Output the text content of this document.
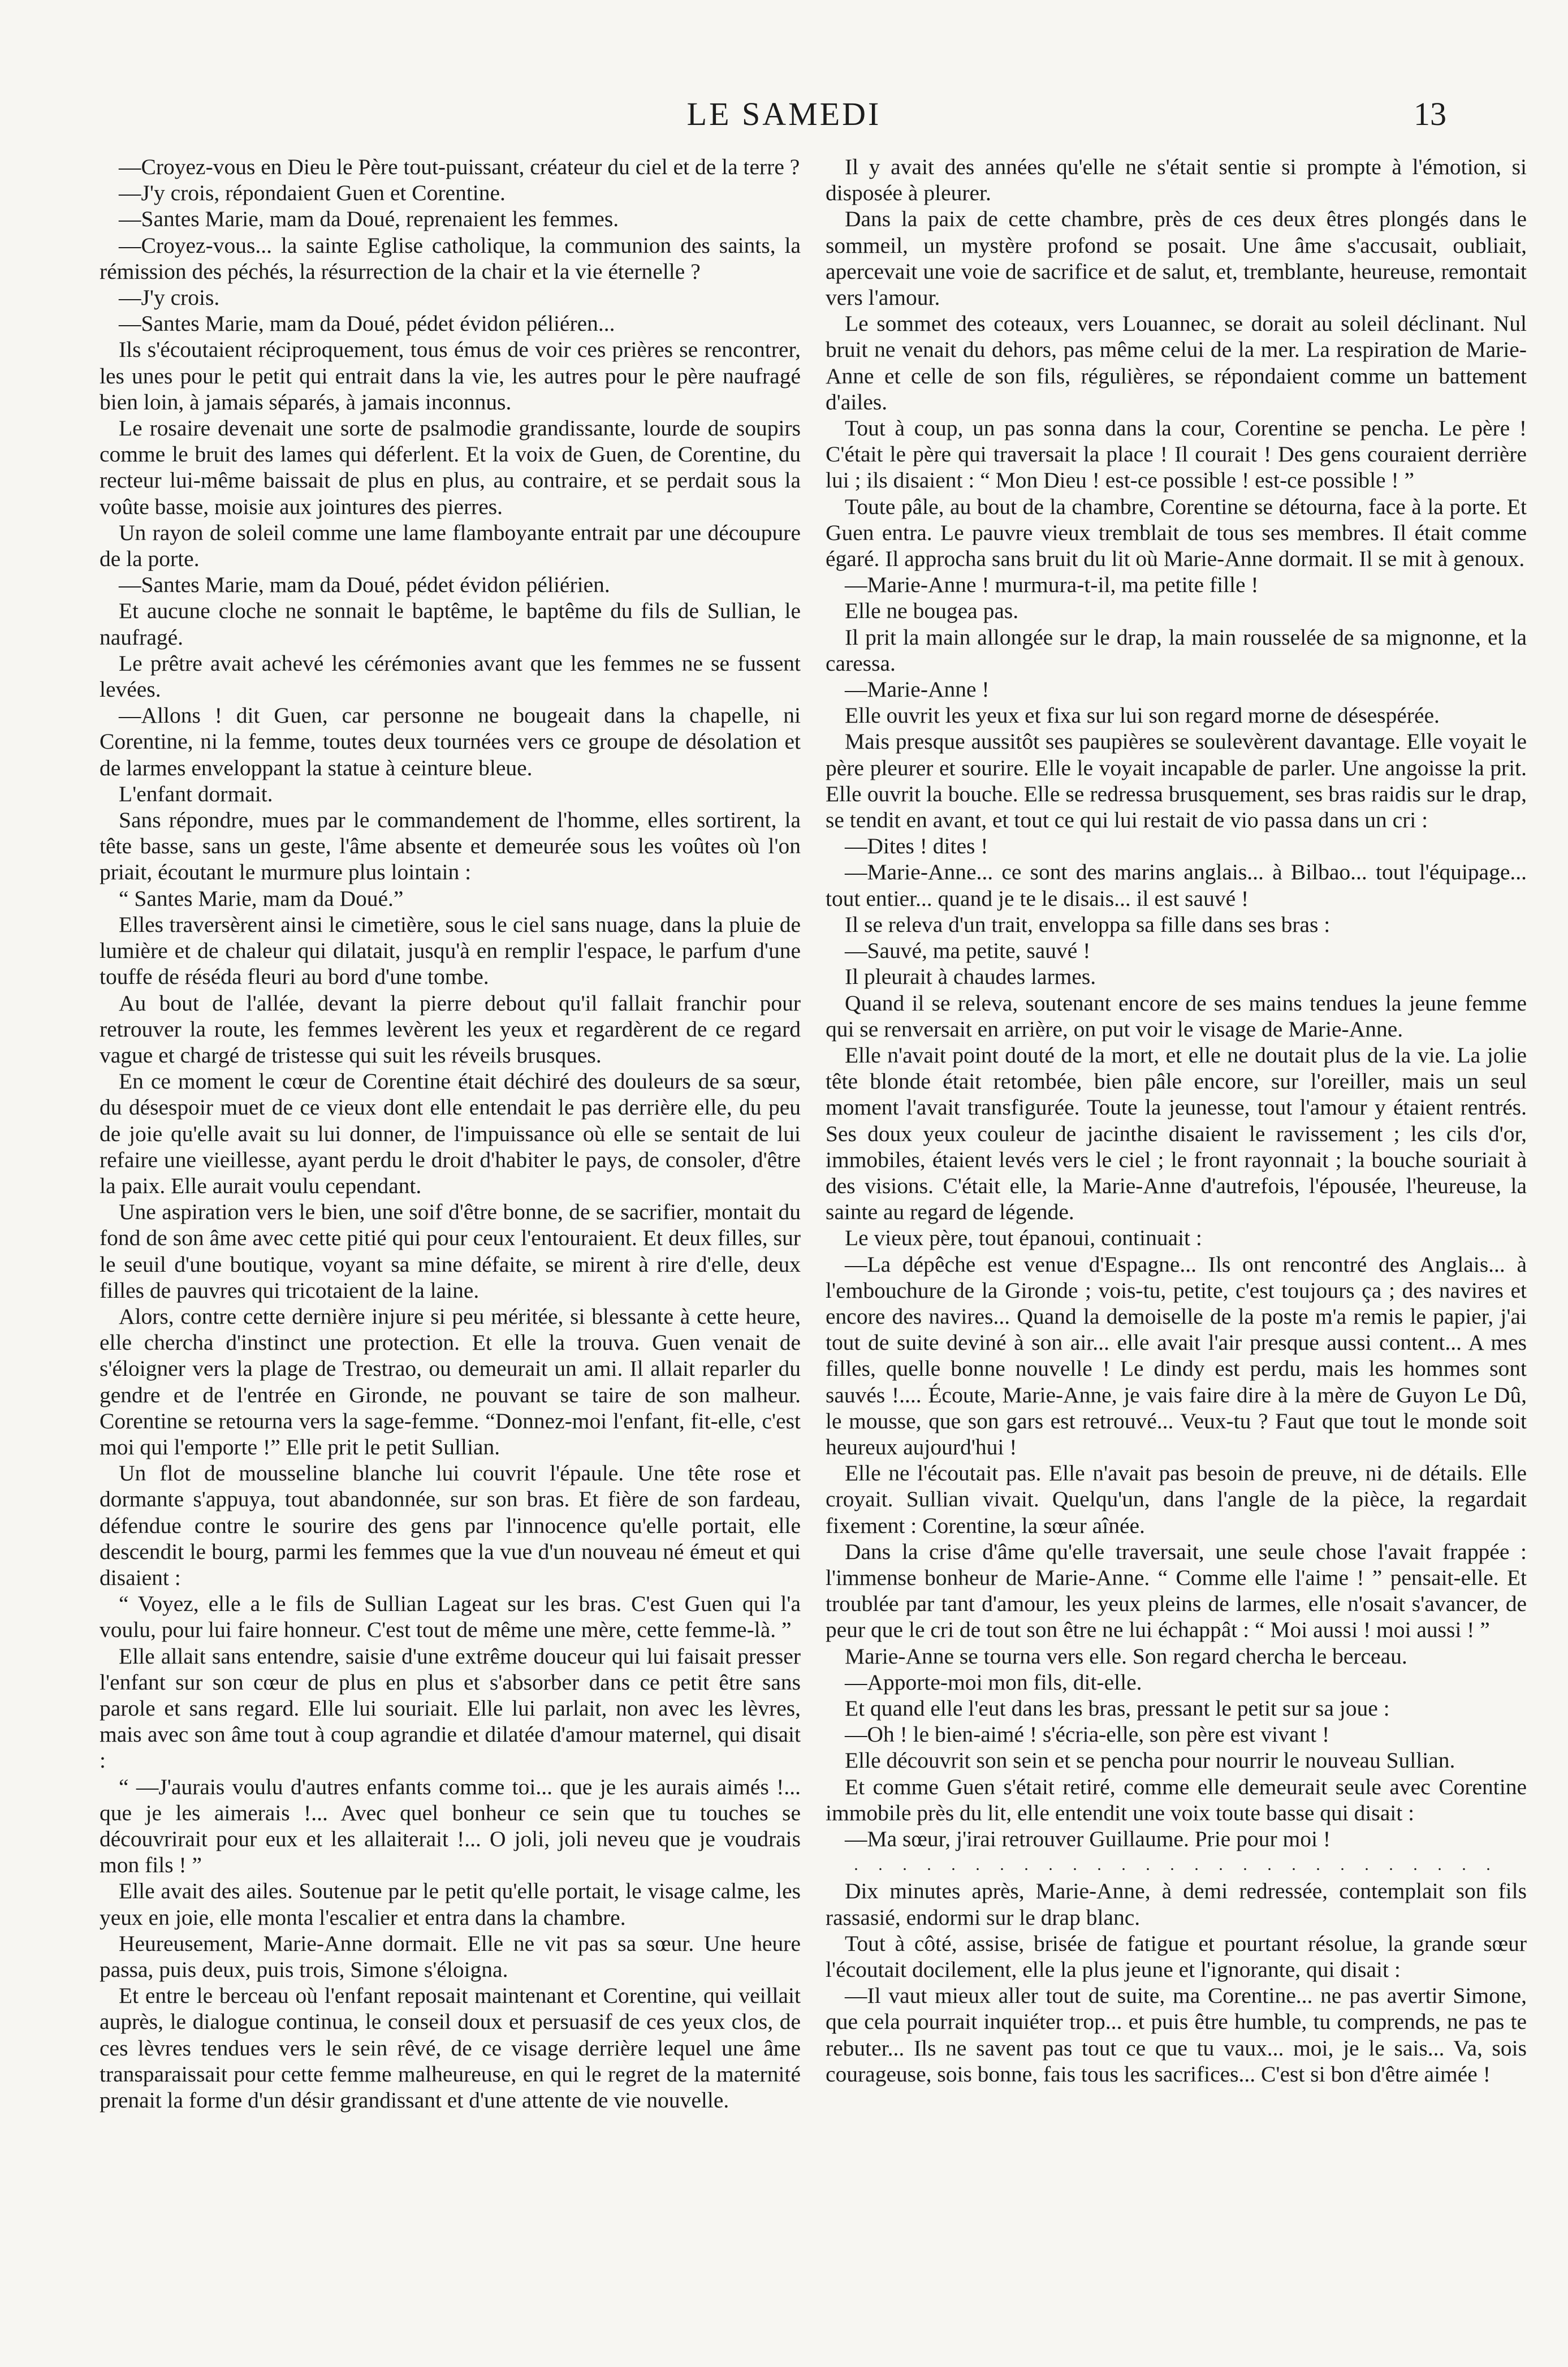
LE SAMEDI	13

—Croyez-vous en Dieu le Père tout-puissant, créateur du ciel et de la terre ?

—J'y crois, répondaient Guen et Corentine.

—Santes Marie, mam da Doué, reprenaient les femmes.

—Croyez-vous... la sainte Eglise catholique, la communion des saints, la rémission des péchés, la résurrection de la chair et la vie éternelle ?

—J'y crois.

—Santes Marie, mam da Doué, pédet évidon péliéren...

Ils s'écoutaient réciproquement, tous émus de voir ces prières se rencontrer, les unes pour le petit qui entrait dans la vie, les autres pour le père naufragé bien loin, à jamais séparés, à jamais inconnus.

Le rosaire devenait une sorte de psalmodie grandissante, lourde de soupirs comme le bruit des lames qui déferlent. Et la voix de Guen, de Corentine, du recteur lui-même baissait de plus en plus, au contraire, et se perdait sous la voûte basse, moisie aux jointures des pierres.

Un rayon de soleil comme une lame flamboyante entrait par une découpure de la porte.

—Santes Marie, mam da Doué, pédet évidon péliérien.

Et aucune cloche ne sonnait le baptême, le baptême du fils de Sullian, le naufragé.

Le prêtre avait achevé les cérémonies avant que les femmes ne se fussent levées.

—Allons ! dit Guen, car personne ne bougeait dans la chapelle, ni Corentine, ni la femme, toutes deux tournées vers ce groupe de désolation et de larmes enveloppant la statue à ceinture bleue.

L'enfant dormait.

Sans répondre, mues par le commandement de l'homme, elles sortirent, la tête basse, sans un geste, l'âme absente et demeurée sous les voûtes où l'on priait, écoutant le murmure plus lointain :

“ Santes Marie, mam da Doué.”

Elles traversèrent ainsi le cimetière, sous le ciel sans nuage, dans la pluie de lumière et de chaleur qui dilatait, jusqu'à en remplir l'espace, le parfum d'une touffe de réséda fleuri au bord d'une tombe.

Au bout de l'allée, devant la pierre debout qu'il fallait franchir pour retrouver la route, les femmes levèrent les yeux et regardèrent de ce regard vague et chargé de tristesse qui suit les réveils brusques.

En ce moment le cœur de Corentine était déchiré des douleurs de sa sœur, du désespoir muet de ce vieux dont elle entendait le pas derrière elle, du peu de joie qu'elle avait su lui donner, de l'impuissance où elle se sentait de lui refaire une vieillesse, ayant perdu le droit d'habiter le pays, de consoler, d'être la paix. Elle aurait voulu cependant.

Une aspiration vers le bien, une soif d'être bonne, de se sacrifier, montait du fond de son âme avec cette pitié qui pour ceux l'entouraient. Et deux filles, sur le seuil d'une boutique, voyant sa mine défaite, se mirent à rire d'elle, deux filles de pauvres qui tricotaient de la laine.

Alors, contre cette dernière injure si peu méritée, si blessante à cette heure, elle chercha d'instinct une protection. Et elle la trouva. Guen venait de s'éloigner vers la plage de Trestrao, ou demeurait un ami. Il allait reparler du gendre et de l'entrée en Gironde, ne pouvant se taire de son malheur. Corentine se retourna vers la sage-femme. “Donnez-moi l'enfant, fit-elle, c'est moi qui l'emporte !” Elle prit le petit Sullian.

Un flot de mousseline blanche lui couvrit l'épaule. Une tête rose et dormante s'appuya, tout abandonnée, sur son bras. Et fière de son fardeau, défendue contre le sourire des gens par l'innocence qu'elle portait, elle descendit le bourg, parmi les femmes que la vue d'un nouveau né émeut et qui disaient :

“ Voyez, elle a le fils de Sullian Lageat sur les bras. C'est Guen qui l'a voulu, pour lui faire honneur. C'est tout de même une mère, cette femme-là. ”

Elle allait sans entendre, saisie d'une extrême douceur qui lui faisait presser l'enfant sur son cœur de plus en plus et s'absorber dans ce petit être sans parole et sans regard. Elle lui souriait. Elle lui parlait, non avec les lèvres, mais avec son âme tout à coup agrandie et dilatée d'amour maternel, qui disait :

“ —J'aurais voulu d'autres enfants comme toi... que je les aurais aimés !... que je les aimerais !... Avec quel bonheur ce sein que tu touches se découvrirait pour eux et les allaiterait !... O joli, joli neveu que je voudrais mon fils ! ”

Elle avait des ailes. Soutenue par le petit qu'elle portait, le visage calme, les yeux en joie, elle monta l'escalier et entra dans la chambre.

Heureusement, Marie-Anne dormait. Elle ne vit pas sa sœur. Une heure passa, puis deux, puis trois, Simone s'éloigna.

Et entre le berceau où l'enfant reposait maintenant et Corentine, qui veillait auprès, le dialogue continua, le conseil doux et persuasif de ces yeux clos, de ces lèvres tendues vers le sein rêvé, de ce visage derrière lequel une âme transparaissait pour cette femme malheureuse, en qui le regret de la maternité prenait la forme d'un désir grandissant et d'une attente de vie nouvelle.

Il y avait des années qu'elle ne s'était sentie si prompte à l'émotion, si disposée à pleurer.

Dans la paix de cette chambre, près de ces deux êtres plongés dans le sommeil, un mystère profond se posait. Une âme s'accusait, oubliait, apercevait une voie de sacrifice et de salut, et, tremblante, heureuse, remontait vers l'amour.

Le sommet des coteaux, vers Louannec, se dorait au soleil déclinant. Nul bruit ne venait du dehors, pas même celui de la mer. La respiration de Marie-Anne et celle de son fils, régulières, se répondaient comme un battement d'ailes.

Tout à coup, un pas sonna dans la cour, Corentine se pencha. Le père ! C'était le père qui traversait la place ! Il courait ! Des gens couraient derrière lui ; ils disaient : “ Mon Dieu ! est-ce possible ! est-ce possible ! ”

Toute pâle, au bout de la chambre, Corentine se détourna, face à la porte. Et Guen entra. Le pauvre vieux tremblait de tous ses membres. Il était comme égaré. Il approcha sans bruit du lit où Marie-Anne dormait. Il se mit à genoux.

—Marie-Anne ! murmura-t-il, ma petite fille !

Elle ne bougea pas.

Il prit la main allongée sur le drap, la main rousselée de sa mignonne, et la caressa.

—Marie-Anne !

Elle ouvrit les yeux et fixa sur lui son regard morne de désespérée.

Mais presque aussitôt ses paupières se soulevèrent davantage. Elle voyait le père pleurer et sourire. Elle le voyait incapable de parler. Une angoisse la prit. Elle ouvrit la bouche. Elle se redressa brusquement, ses bras raidis sur le drap, se tendit en avant, et tout ce qui lui restait de vio passa dans un cri :

—Dites ! dites !

—Marie-Anne... ce sont des marins anglais... à Bilbao... tout l'équipage... tout entier... quand je te le disais... il est sauvé !

Il se releva d'un trait, enveloppa sa fille dans ses bras :

—Sauvé, ma petite, sauvé !

Il pleurait à chaudes larmes.

Quand il se releva, soutenant encore de ses mains tendues la jeune femme qui se renversait en arrière, on put voir le visage de Marie-Anne.

Elle n'avait point douté de la mort, et elle ne doutait plus de la vie. La jolie tête blonde était retombée, bien pâle encore, sur l'oreiller, mais un seul moment l'avait transfigurée. Toute la jeunesse, tout l'amour y étaient rentrés. Ses doux yeux couleur de jacinthe disaient le ravissement ; les cils d'or, immobiles, étaient levés vers le ciel ; le front rayonnait ; la bouche souriait à des visions. C'était elle, la Marie-Anne d'autrefois, l'épousée, l'heureuse, la sainte au regard de légende.

Le vieux père, tout épanoui, continuait :

—La dépêche est venue d'Espagne... Ils ont rencontré des Anglais... à l'embouchure de la Gironde ; vois-tu, petite, c'est toujours ça ; des navires et encore des navires... Quand la demoiselle de la poste m'a remis le papier, j'ai tout de suite deviné à son air... elle avait l'air presque aussi content... A mes filles, quelle bonne nouvelle ! Le dindy est perdu, mais les hommes sont sauvés !.... Écoute, Marie-Anne, je vais faire dire à la mère de Guyon Le Dû, le mousse, que son gars est retrouvé... Veux-tu ? Faut que tout le monde soit heureux aujourd'hui !

Elle ne l'écoutait pas. Elle n'avait pas besoin de preuve, ni de détails. Elle croyait. Sullian vivait. Quelqu'un, dans l'angle de la pièce, la regardait fixement : Corentine, la sœur aînée.

Dans la crise d'âme qu'elle traversait, une seule chose l'avait frappée : l'immense bonheur de Marie-Anne. “ Comme elle l'aime ! ” pensait-elle. Et troublée par tant d'amour, les yeux pleins de larmes, elle n'osait s'avancer, de peur que le cri de tout son être ne lui échappât : “ Moi aussi ! moi aussi ! ”

Marie-Anne se tourna vers elle. Son regard chercha le berceau.

—Apporte-moi mon fils, dit-elle.

Et quand elle l'eut dans les bras, pressant le petit sur sa joue :

—Oh ! le bien-aimé ! s'écria-elle, son père est vivant !

Elle découvrit son sein et se pencha pour nourrir le nouveau Sullian.

Et comme Guen s'était retiré, comme elle demeurait seule avec Corentine immobile près du lit, elle entendit une voix toute basse qui disait :

—Ma sœur, j'irai retrouver Guillaume. Prie pour moi !

. . . . . . . . . . . . . . . . . . . . . . . . . . .

Dix minutes après, Marie-Anne, à demi redressée, contemplait son fils rassasié, endormi sur le drap blanc.

Tout à côté, assise, brisée de fatigue et pourtant résolue, la grande sœur l'écoutait docilement, elle la plus jeune et l'ignorante, qui disait :

—Il vaut mieux aller tout de suite, ma Corentine... ne pas avertir Simone, que cela pourrait inquiéter trop... et puis être humble, tu comprends, ne pas te rebuter... Ils ne savent pas tout ce que tu vaux... moi, je le sais... Va, sois courageuse, sois bonne, fais tous les sacrifices... C'est si bon d'être aimée !
